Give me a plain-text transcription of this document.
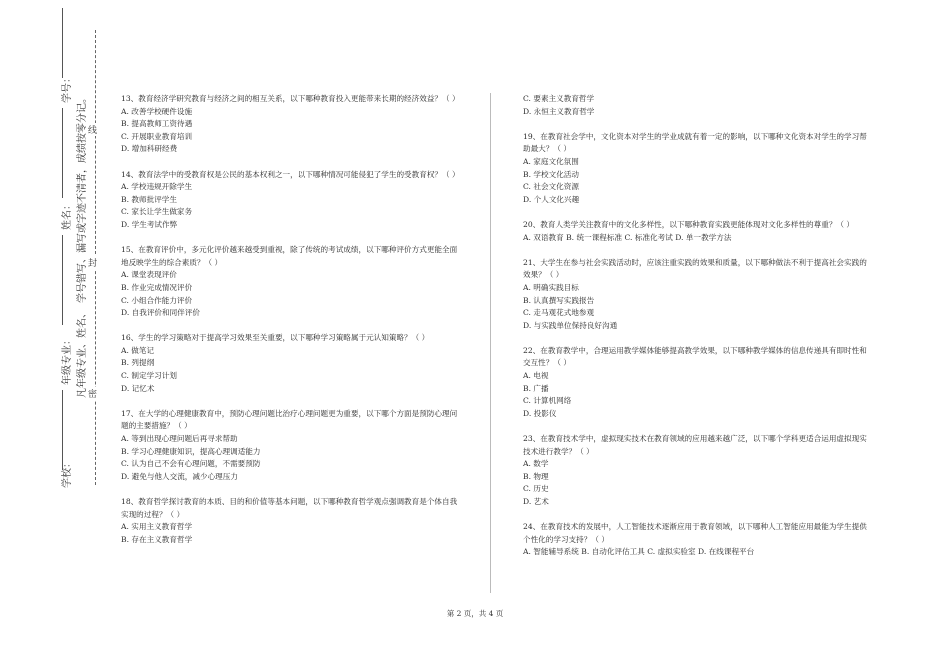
学校：
年级专业：
姓名：
学号：
凡年级专业、
姓名、
学号错写、漏写或字迹不清者，成绩按零分记。
密
封
线

13、教育经济学研究教育与经济之间的相互关系，以下哪种教育投入更能带来长期的经济效益？（ ）

A. 改善学校硬件设施

B. 提高教师工资待遇

C. 开展职业教育培训

D. 增加科研经费

14、教育法学中的受教育权是公民的基本权利之一，以下哪种情况可能侵犯了学生的受教育权？（ ）

A. 学校违规开除学生

B. 教师批评学生

C. 家长让学生做家务

D. 学生考试作弊

15、在教育评价中，多元化评价越来越受到重视，除了传统的考试成绩，以下哪种评价方式更能全面地反映学生的综合素质？（ ）

A. 课堂表现评价

B. 作业完成情况评价

C. 小组合作能力评价

D. 自我评价和同伴评价

16、学生的学习策略对于提高学习效果至关重要，以下哪种学习策略属于元认知策略？（ ）

A. 做笔记

B. 列提纲

C. 制定学习计划

D. 记忆术

17、在大学的心理健康教育中，预防心理问题比治疗心理问题更为重要，以下哪个方面是预防心理问题的主要措施？（ ）

A. 等到出现心理问题后再寻求帮助

B. 学习心理健康知识，提高心理调适能力

C. 认为自己不会有心理问题，不需要预防

D. 避免与他人交流，减少心理压力

18、教育哲学探讨教育的本质、目的和价值等基本问题，以下哪种教育哲学观点强调教育是个体自我实现的过程？（ ）

A. 实用主义教育哲学

B. 存在主义教育哲学

C. 要素主义教育哲学

D. 永恒主义教育哲学

19、在教育社会学中，文化资本对学生的学业成就有着一定的影响，以下哪种文化资本对学生的学习帮助最大？（ ）

A. 家庭文化氛围

B. 学校文化活动

C. 社会文化资源

D. 个人文化兴趣

20、教育人类学关注教育中的文化多样性，以下哪种教育实践更能体现对文化多样性的尊重？（ ）

A. 双语教育 B. 统一课程标准 C. 标准化考试 D. 单一教学方法

21、大学生在参与社会实践活动时，应该注重实践的效果和质量，以下哪种做法不利于提高社会实践的效果？（ ）

A. 明确实践目标

B. 认真撰写实践报告

C. 走马观花式地参观

D. 与实践单位保持良好沟通

22、在教育教学中，合理运用教学媒体能够提高教学效果，以下哪种教学媒体的信息传递具有即时性和交互性？（ ）

A. 电视

B. 广播

C. 计算机网络

D. 投影仪

23、在教育技术学中，虚拟现实技术在教育领域的应用越来越广泛，以下哪个学科更适合运用虚拟现实技术进行教学？（ ）

A. 数学

B. 物理

C. 历史

D. 艺术

24、在教育技术的发展中，人工智能技术逐渐应用于教育领域，以下哪种人工智能应用最能为学生提供个性化的学习支持？（ ）

A. 智能辅导系统 B. 自动化评估工具 C. 虚拟实验室 D. 在线课程平台

第 2 页，共 4 页
